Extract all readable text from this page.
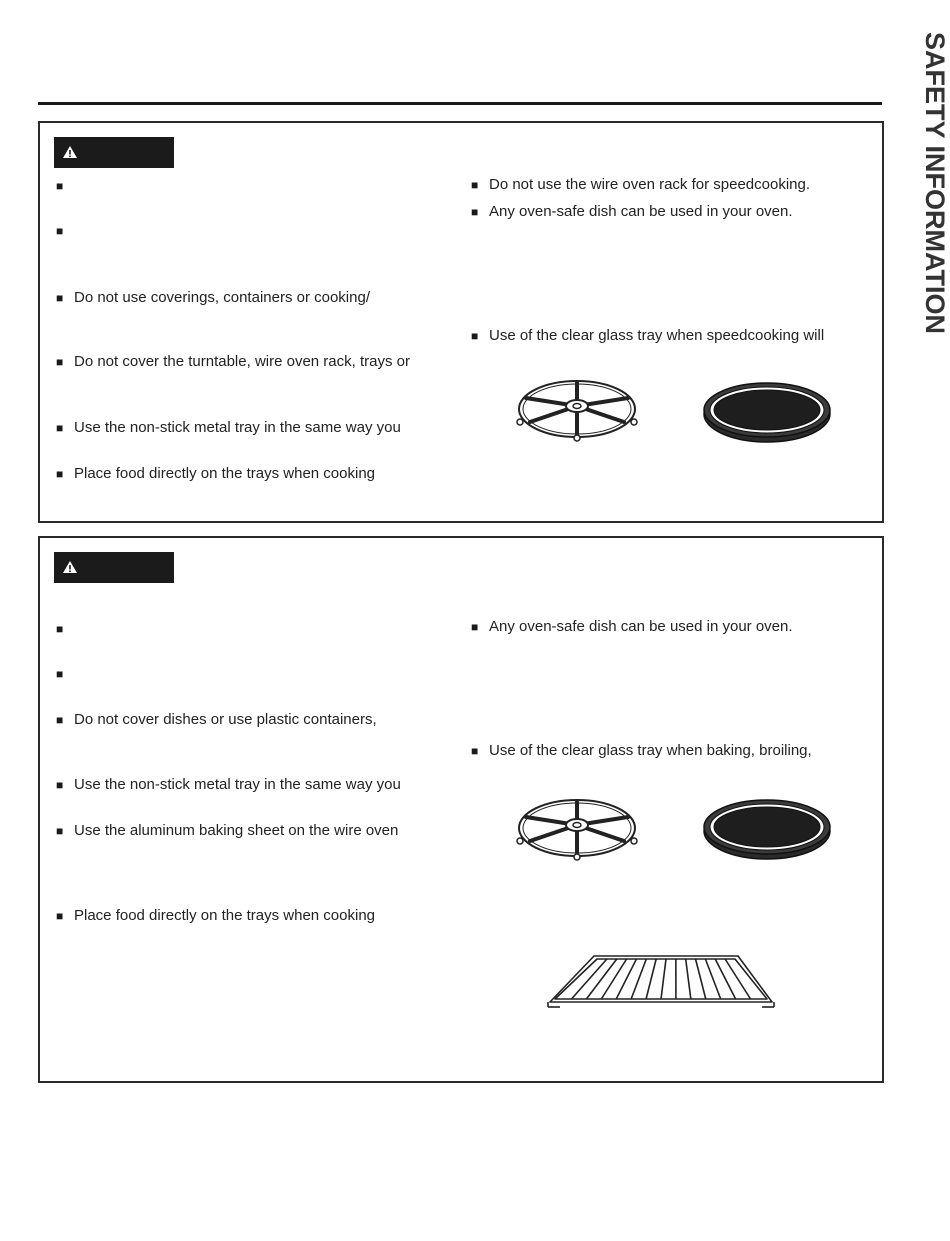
SAFETY INFORMATION
■
■
■ Do not use coverings, containers or cooking/
■ Do not cover the turntable, wire oven rack, trays or
■ Use the non-stick metal tray in the same way you
■ Place food directly on the trays when cooking
■ Do not use the wire oven rack for speedcooking.
■ Any oven-safe dish can be used in your oven.
■ Use of the clear glass tray when speedcooking will
■
■
■ Do not cover dishes or use plastic containers,
■ Use the non-stick metal tray in the same way you
■ Use the aluminum baking sheet on the wire oven
■ Place food directly on the trays when cooking
■ Any oven-safe dish can be used in your oven.
■ Use of the clear glass tray when baking, broiling,
